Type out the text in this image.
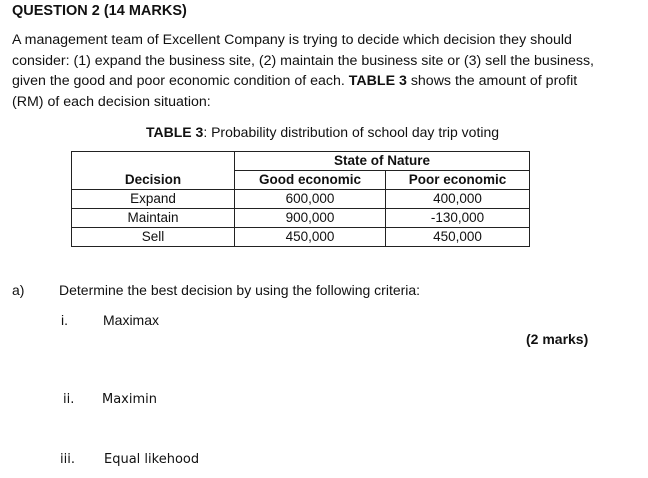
QUESTION 2 (14 MARKS)
A management team of Excellent Company is trying to decide which decision they should consider: (1) expand the business site, (2) maintain the business site or (3) sell the business, given the good and poor economic condition of each. TABLE 3 shows the amount of profit (RM) of each decision situation:
TABLE 3: Probability distribution of school day trip voting
	State of Nature	
Decision	Good economic	Poor economic
Expand	600,000	400,000
Maintain	900,000	-130,000
Sell	450,000	450,000
a) Determine the best decision by using the following criteria:
i.	Maximax
(2 marks)
ii. Maximin
iii. Equal likehood
